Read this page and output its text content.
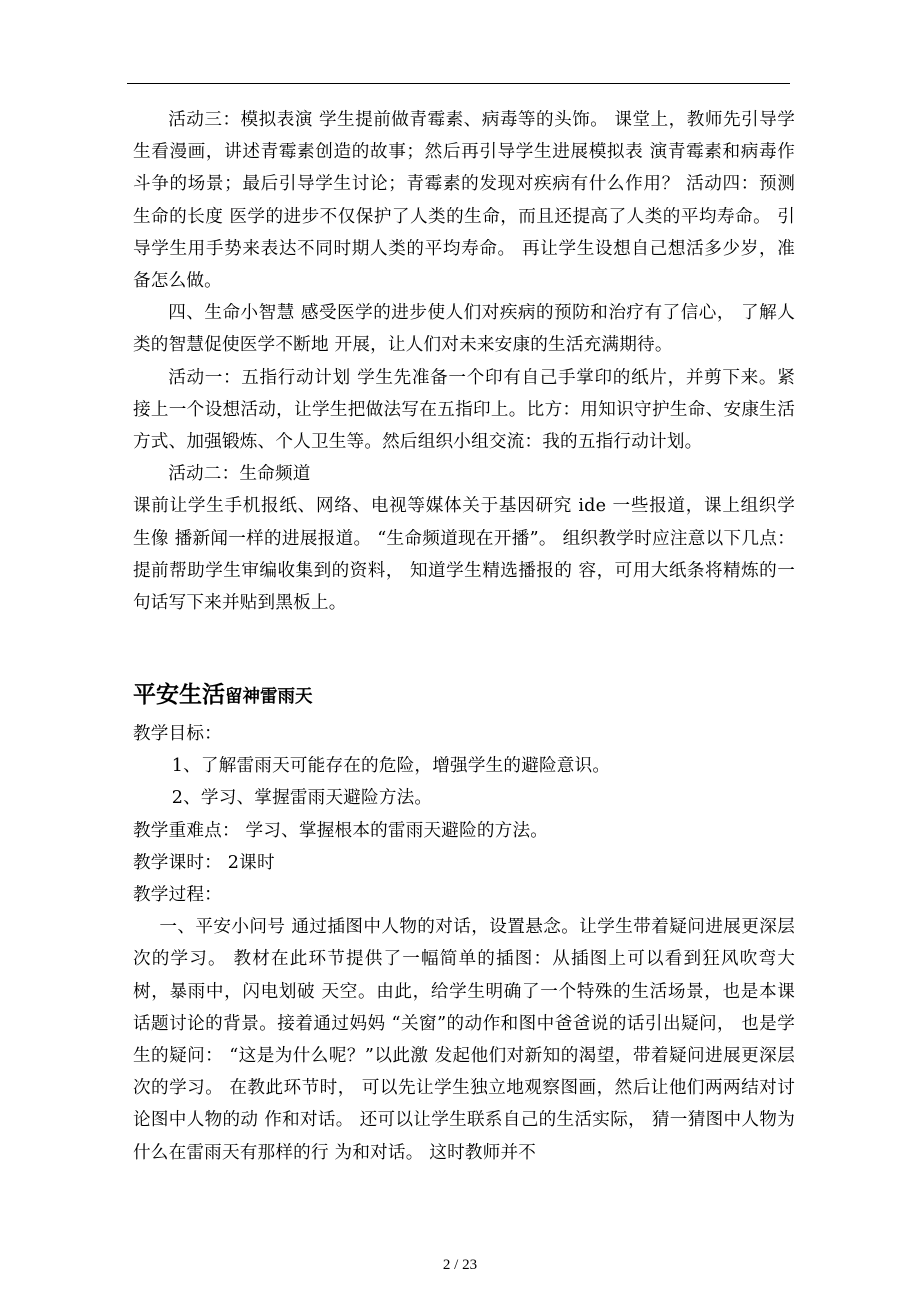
活动三：模拟表演 学生提前做青霉素、病毒等的头饰。 课堂上，教师先引导学生看漫画，讲述青霉素创造的故事；然后再引导学生进展模拟表 演青霉素和病毒作斗争的场景；最后引导学生讨论；青霉素的发现对疾病有什么作用？ 活动四：预测生命的长度 医学的进步不仅保护了人类的生命，而且还提高了人类的平均寿命。 引导学生用手势来表达不同时期人类的平均寿命。 再让学生设想自己想活多少岁，准备怎么做。

四、生命小智慧 感受医学的进步使人们对疾病的预防和治疗有了信心， 了解人类的智慧促使医学不断地 开展，让人们对未来安康的生活充满期待。

活动一：五指行动计划 学生先准备一个印有自己手掌印的纸片，并剪下来。紧接上一个设想活动，让学生把做法写在五指印上。比方：用知识守护生命、安康生活 方式、加强锻炼、个人卫生等。然后组织小组交流：我的五指行动计划。

活动二：生命频道

课前让学生手机报纸、网络、电视等媒体关于基因研究 ide 一些报道，课上组织学生像 播新闻一样的进展报道。 “生命频道现在开播”。 组织教学时应注意以下几点： 提前帮助学生审编收集到的资料， 知道学生精选播报的 容，可用大纸条将精炼的一句话写下来并贴到黑板上。

平安生活留神雷雨天

教学目标：

1、了解雷雨天可能存在的危险，增强学生的避险意识。

2、学习、掌握雷雨天避险方法。

教学重难点： 学习、掌握根本的雷雨天避险的方法。

教学课时： 2课时

教学过程：

一、平安小问号 通过插图中人物的对话，设置悬念。让学生带着疑问进展更深层次的学习。 教材在此环节提供了一幅简单的插图：从插图上可以看到狂风吹弯大树，暴雨中，闪电划破 天空。由此，给学生明确了一个特殊的生活场景，也是本课话题讨论的背景。接着通过妈妈 “关窗”的动作和图中爸爸说的话引出疑问， 也是学生的疑问： “这是为什么呢？”以此激 发起他们对新知的渴望，带着疑问进展更深层次的学习。 在教此环节时， 可以先让学生独立地观察图画，然后让他们两两结对讨论图中人物的动 作和对话。 还可以让学生联系自己的生活实际， 猜一猜图中人物为什么在雷雨天有那样的行 为和对话。 这时教师并不

2 / 23
